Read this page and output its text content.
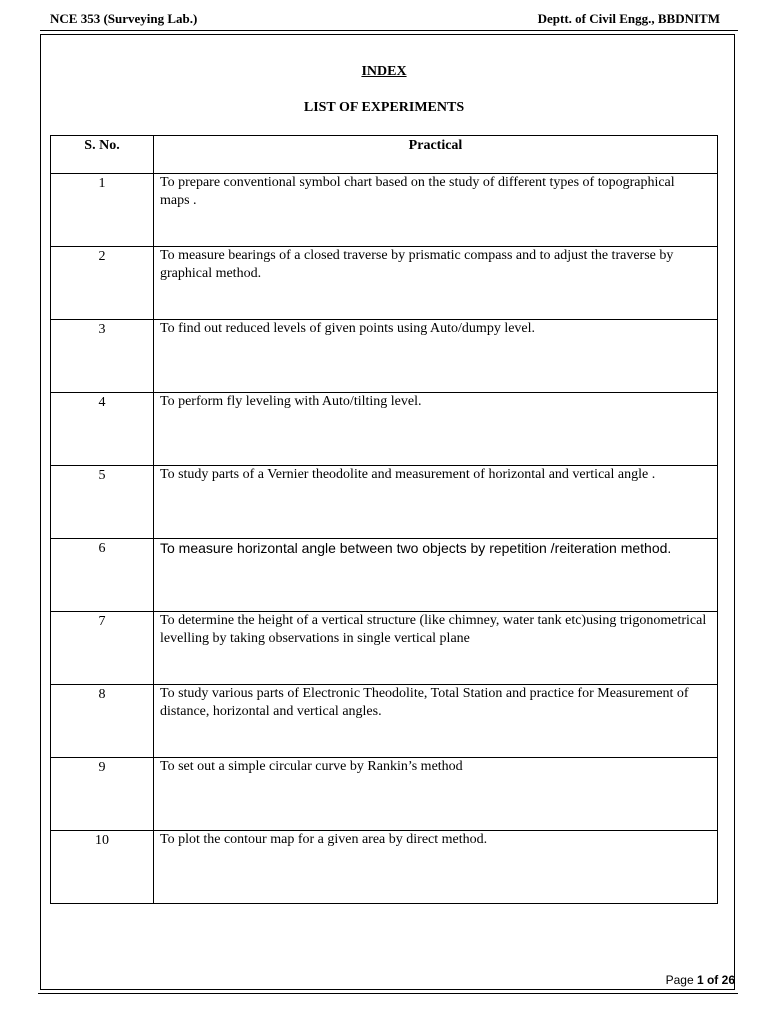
NCE 353 (Surveying Lab.)	Deptt. of Civil Engg., BBDNITM
INDEX
LIST OF EXPERIMENTS
S. No.	Practical
1	To prepare conventional symbol chart based on the study of different types of topographical maps .
2	To measure bearings of a closed traverse by prismatic compass and to adjust the traverse by graphical method.
3	To find out reduced levels of given points using Auto/dumpy level.
4	To perform fly leveling with Auto/tilting level.
5	To study parts of a Vernier theodolite and measurement of horizontal and vertical angle .
6	To measure horizontal angle between two objects by repetition /reiteration method.
7	To determine the height of a vertical structure (like chimney, water tank etc)using trigonometrical levelling by taking observations in single vertical plane
8	To study various parts of Electronic Theodolite, Total Station and practice for Measurement of distance, horizontal and vertical angles.
9	To set out a simple circular curve by Rankin’s method
10	To plot the contour map for a given area by direct method.
Page 1 of 26
